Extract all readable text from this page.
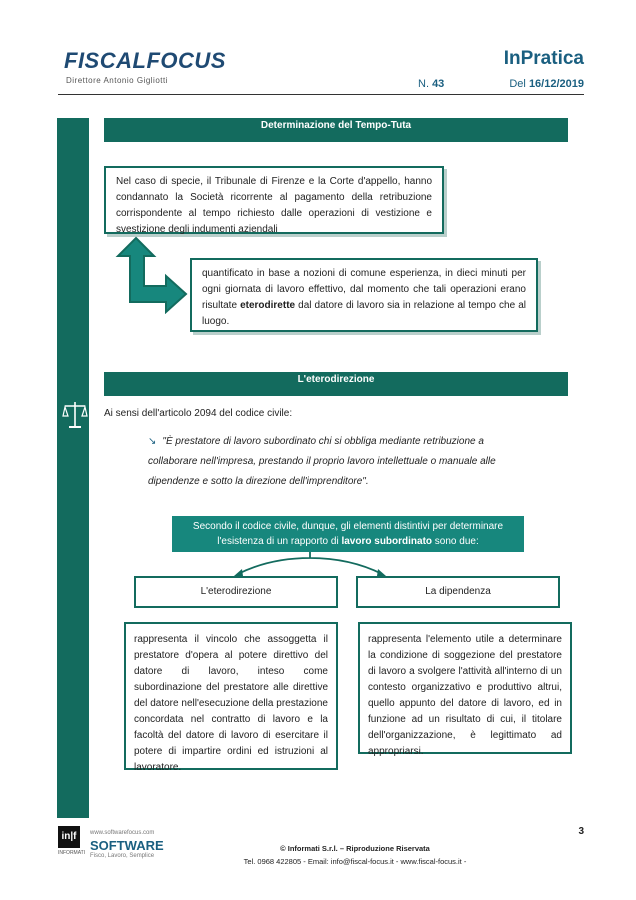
FISCALFOCUS
Direttore Antonio Gigliotti
InPratica
N. 43	Del 16/12/2019
Determinazione del Tempo-Tuta
Nel caso di specie, il Tribunale di Firenze e la Corte d'appello, hanno condannato la Società ricorrente al pagamento della retribuzione corrispondente al tempo richiesto dalle operazioni di vestizione e svestizione degli indumenti aziendali
quantificato in base a nozioni di comune esperienza, in dieci minuti per ogni giornata di lavoro effettivo, dal momento che tali operazioni erano risultate eterodirette dal datore di lavoro sia in relazione al tempo che al luogo.
L'eterodirezione
Ai sensi dell'articolo 2094 del codice civile:
↘ "È prestatore di lavoro subordinato chi si obbliga mediante retribuzione a collaborare nell'impresa, prestando il proprio lavoro intellettuale o manuale alle dipendenze e sotto la direzione dell'imprenditore".
Secondo il codice civile, dunque, gli elementi distintivi per determinare l'esistenza di un rapporto di lavoro subordinato sono due:
L'eterodirezione	La dipendenza
rappresenta il vincolo che assoggetta il prestatore d'opera al potere direttivo del datore di lavoro, inteso come subordinazione del prestatore alle direttive del datore nell'esecuzione della prestazione concordata nel contratto di lavoro e la facoltà del datore di lavoro di esercitare il potere di impartire ordini ed istruzioni al lavoratore.
rappresenta l'elemento utile a determinare la condizione di soggezione del prestatore di lavoro a svolgere l'attività all'interno di un contesto organizzativo e produttivo altrui, quello appunto del datore di lavoro, ed in funzione ad un risultato di cui, il titolare dell'organizzazione, è legittimato ad appropriarsi.
in|f
INFORMATI
www.softwarefocus.com
SOFTWARE
Fisco, Lavoro, Semplice
© Informati S.r.l. – Riproduzione Riservata
Tel. 0968 422805 - Email: info@fiscal-focus.it - www.fiscal-focus.it -
3
